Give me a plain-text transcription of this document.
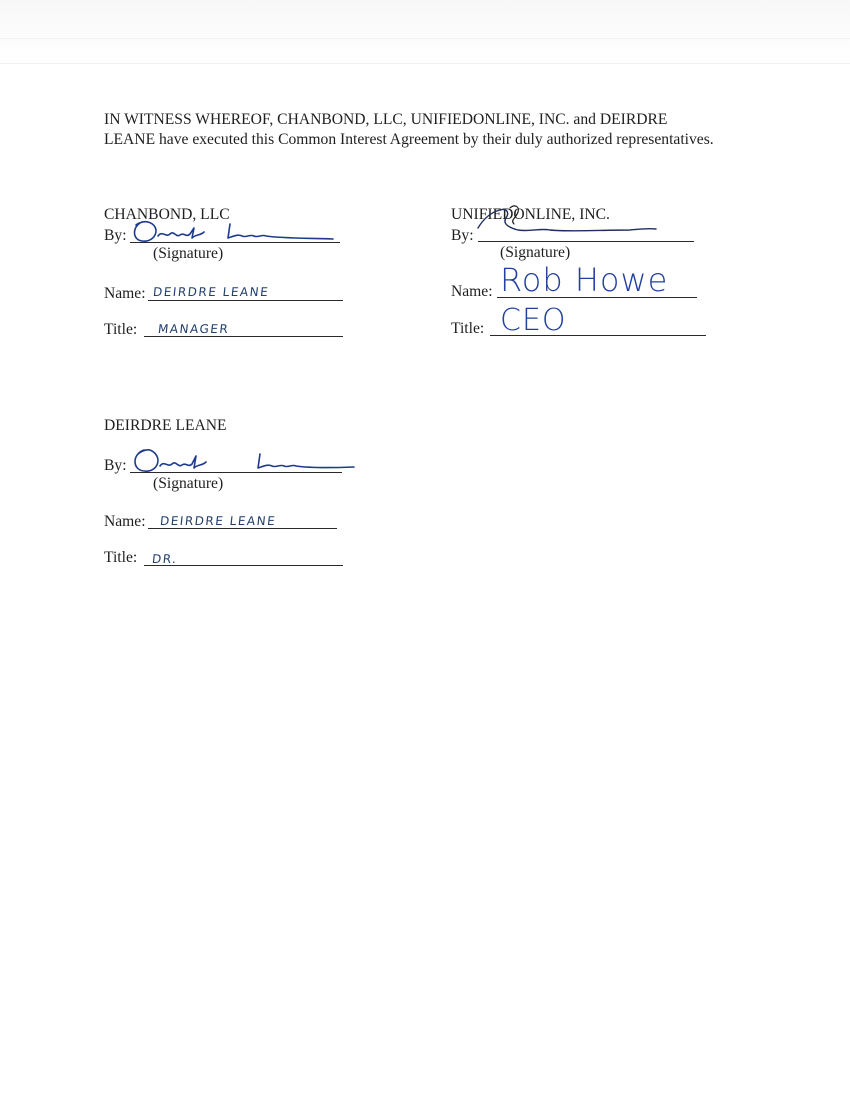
IN WITNESS WHEREOF, CHANBOND, LLC, UNIFIEDONLINE, INC. and DEIRDRE LEANE have executed this Common Interest Agreement by their duly authorized representatives.

CHANBOND, LLC
By:
(Signature)
Name: DEIRDRE LEANE
Title: MANAGER
UNIFIEDONLINE, INC.
By:
(Signature)
Name: Rob Howe
Title: CEO
DEIRDRE LEANE
By:
(Signature)
Name: DEIRDRE LEANE
Title: DR.
